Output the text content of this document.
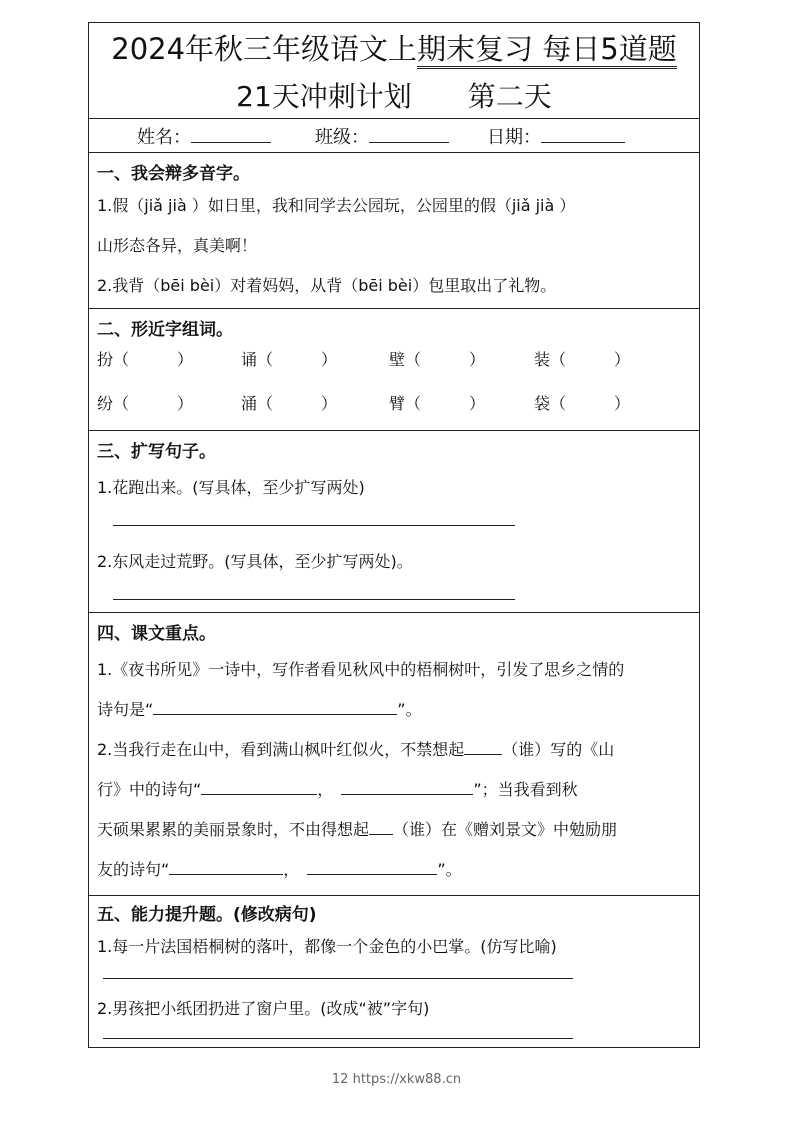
2024年秋三年级语文上期末复习 每日5道题
21天冲刺计划　　第二天
姓名：	班级：	日期：
一、我会辩多音字。
1.假（jiǎ jià ）如日里，我和同学去公园玩，公园里的假（jiǎ jià ）
山形态各异，真美啊！
2.我背（bēi bèi）对着妈妈，从背（bēi bèi）包里取出了礼物。
二、形近字组词。
扮（　　　）	诵（　　　）	壁（　　　）	装（　　　）
纷（　　　）	涌（　　　）	臂（　　　）	袋（　　　）
三、扩写句子。
1.花跑出来。(写具体，至少扩写两处)
2.东风走过荒野。(写具体，至少扩写两处)。
四、课文重点。
1.《夜书所见》一诗中，写作者看见秋风中的梧桐树叶，引发了思乡之情的
诗句是“	”。
2.当我行走在山中，看到满山枫叶红似火，不禁想起 （谁）写的《山
行》中的诗句“	，　	”；当我看到秋
天硕果累累的美丽景象时，不由得想起 （谁）在《赠刘景文》中勉励朋
友的诗句“	，　	”。
五、能力提升题。(修改病句)
1.每一片法国梧桐树的落叶，都像一个金色的小巴掌。(仿写比喻)
2.男孩把小纸团扔进了窗户里。(改成“被”字句)
12 https://xkw88.cn
